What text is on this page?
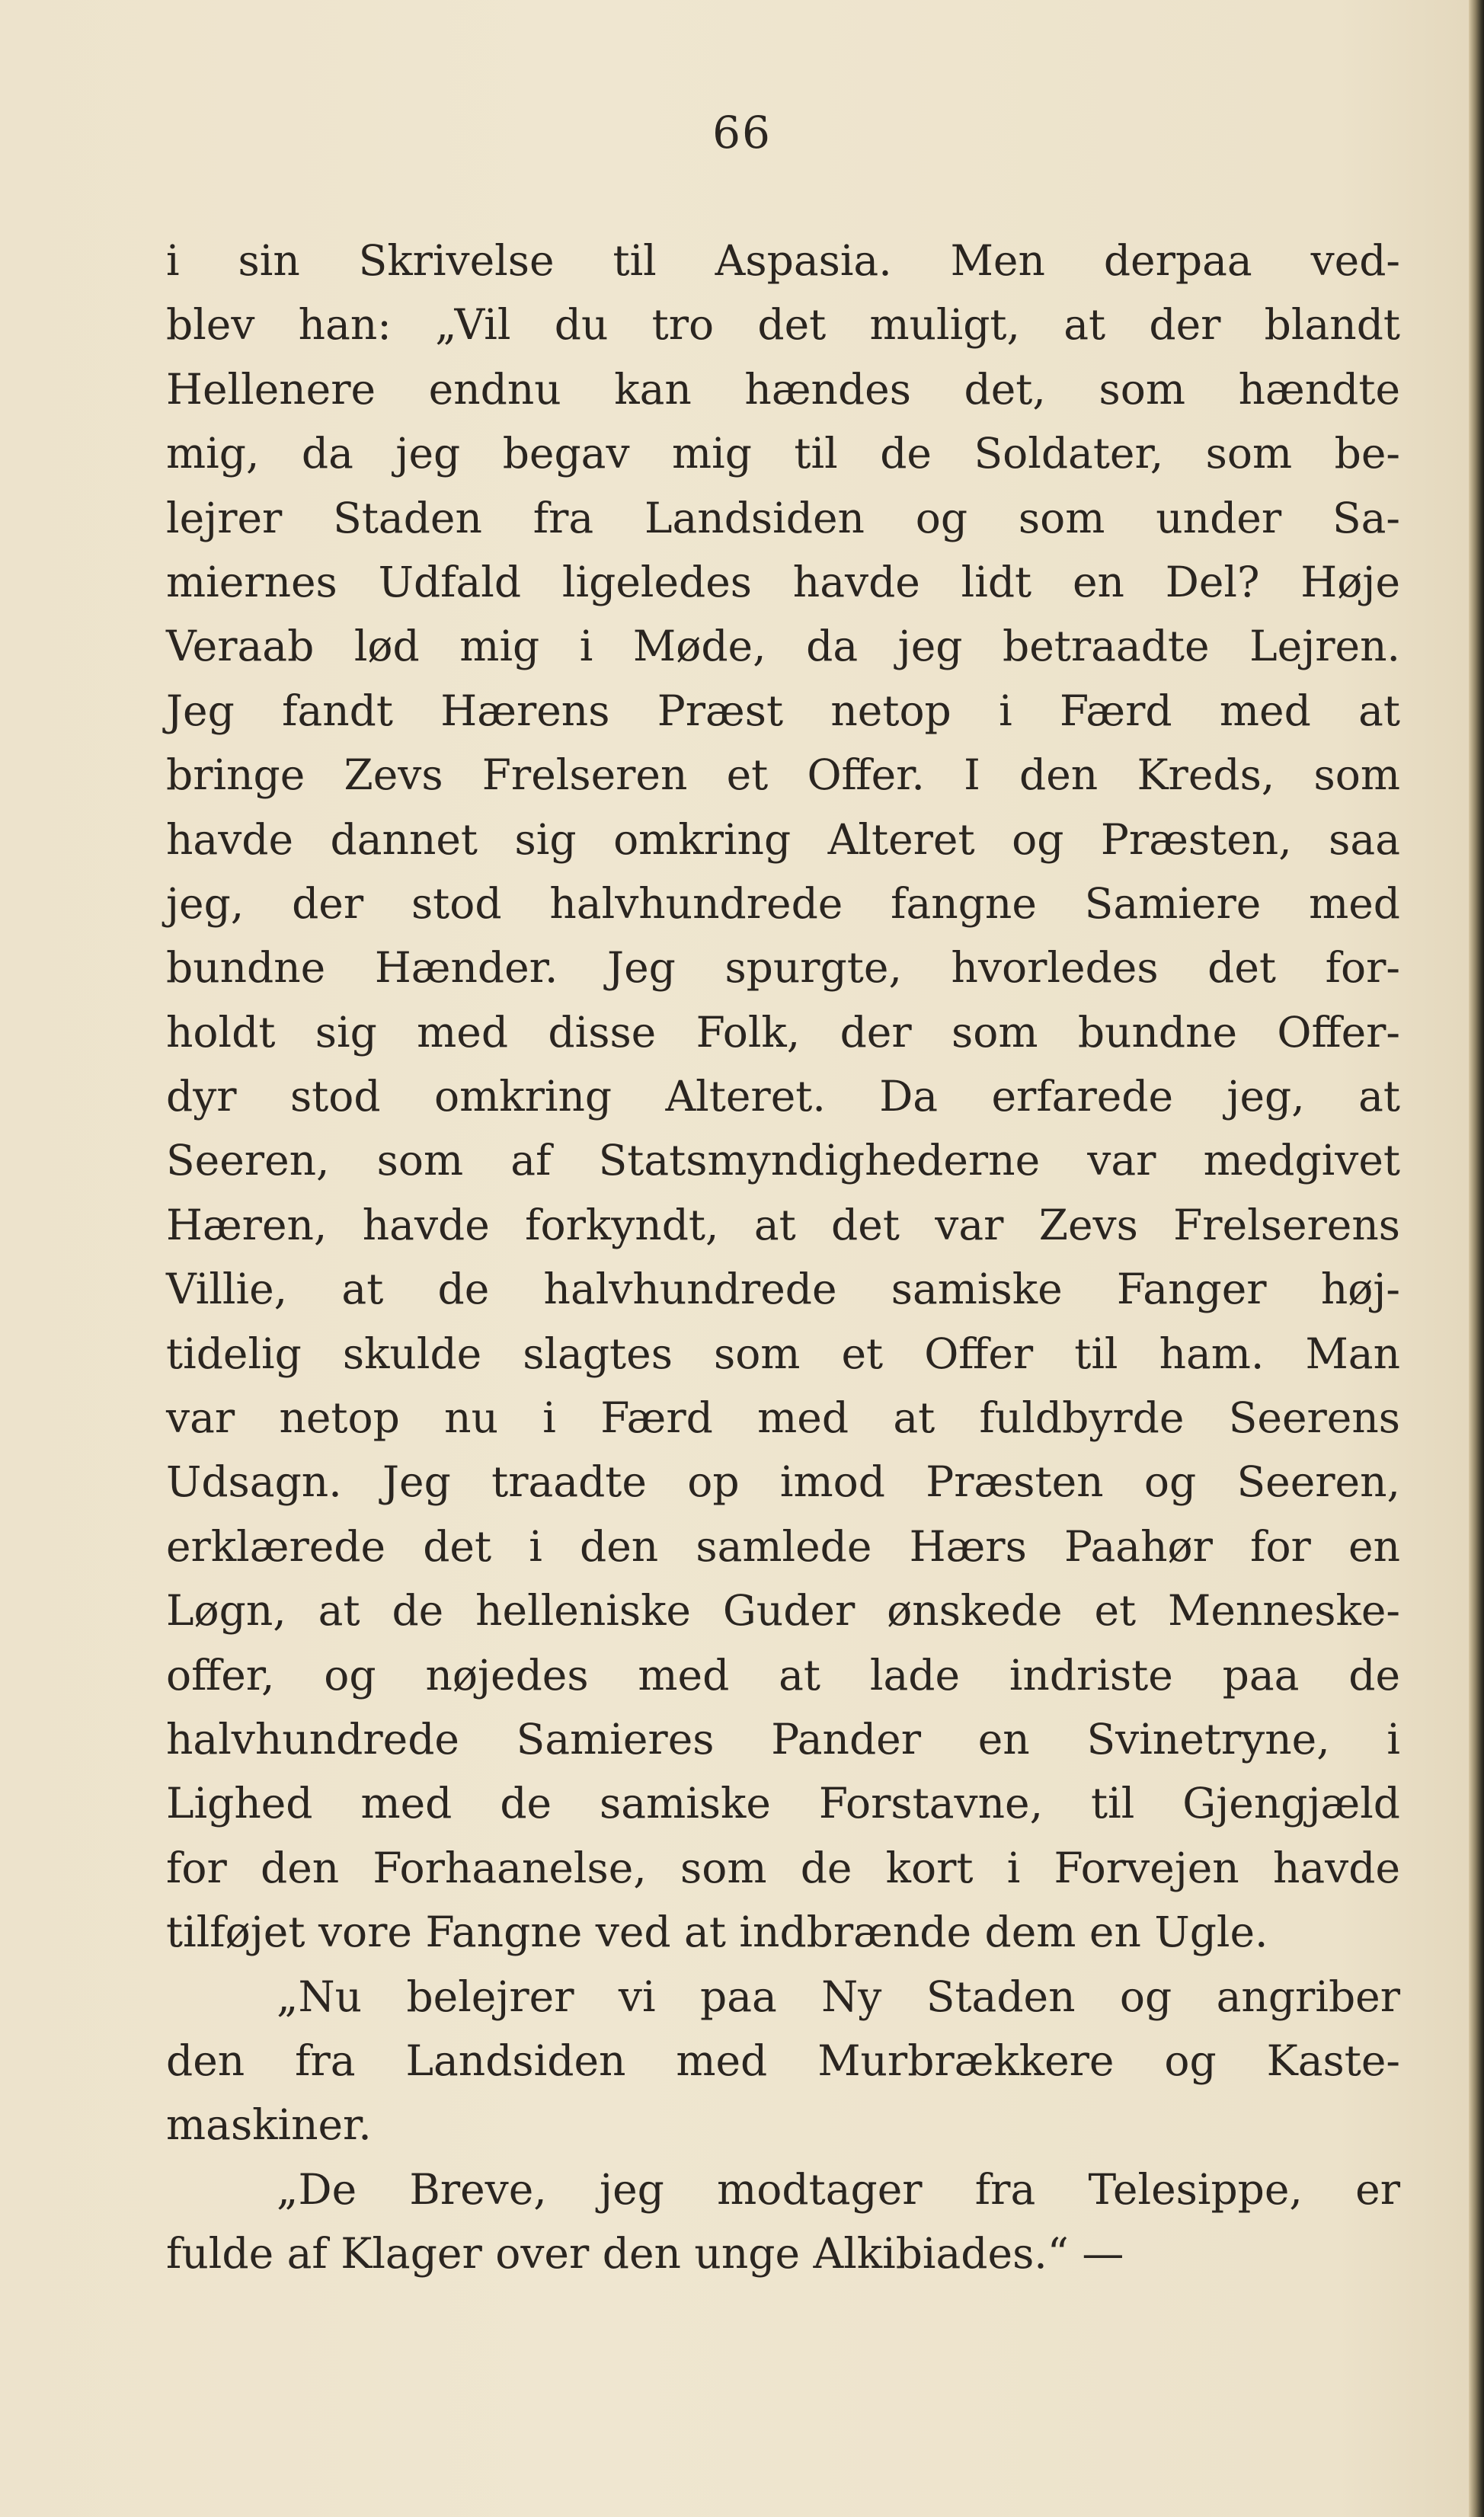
66
i sin Skrivelse til Aspasia. Men derpaa ved-
blev han: „Vil du tro det muligt, at der blandt
Hellenere endnu kan hændes det, som hændte
mig, da jeg begav mig til de Soldater, som be-
lejrer Staden fra Landsiden og som under Sa-
miernes Udfald ligeledes havde lidt en Del? Høje
Veraab lød mig i Møde, da jeg betraadte Lejren.
Jeg fandt Hærens Præst netop i Færd med at
bringe Zevs Frelseren et Offer. I den Kreds, som
havde dannet sig omkring Alteret og Præsten, saa
jeg, der stod halvhundrede fangne Samiere med
bundne Hænder. Jeg spurgte, hvorledes det for-
holdt sig med disse Folk, der som bundne Offer-
dyr stod omkring Alteret. Da erfarede jeg, at
Seeren, som af Statsmyndighederne var medgivet
Hæren, havde forkyndt, at det var Zevs Frelserens
Villie, at de halvhundrede samiske Fanger høj-
tidelig skulde slagtes som et Offer til ham. Man
var netop nu i Færd med at fuldbyrde Seerens
Udsagn. Jeg traadte op imod Præsten og Seeren,
erklærede det i den samlede Hærs Paahør for en
Løgn, at de helleniske Guder ønskede et Menneske-
offer, og nøjedes med at lade indriste paa de
halvhundrede Samieres Pander en Svinetryne, i
Lighed med de samiske Forstavne, til Gjengjæld
for den Forhaanelse, som de kort i Forvejen havde
tilføjet vore Fangne ved at indbrænde dem en Ugle.
„Nu belejrer vi paa Ny Staden og angriber
den fra Landsiden med Murbrækkere og Kaste-
maskiner.
„De Breve, jeg modtager fra Telesippe, er
fulde af Klager over den unge Alkibiades.“ —
